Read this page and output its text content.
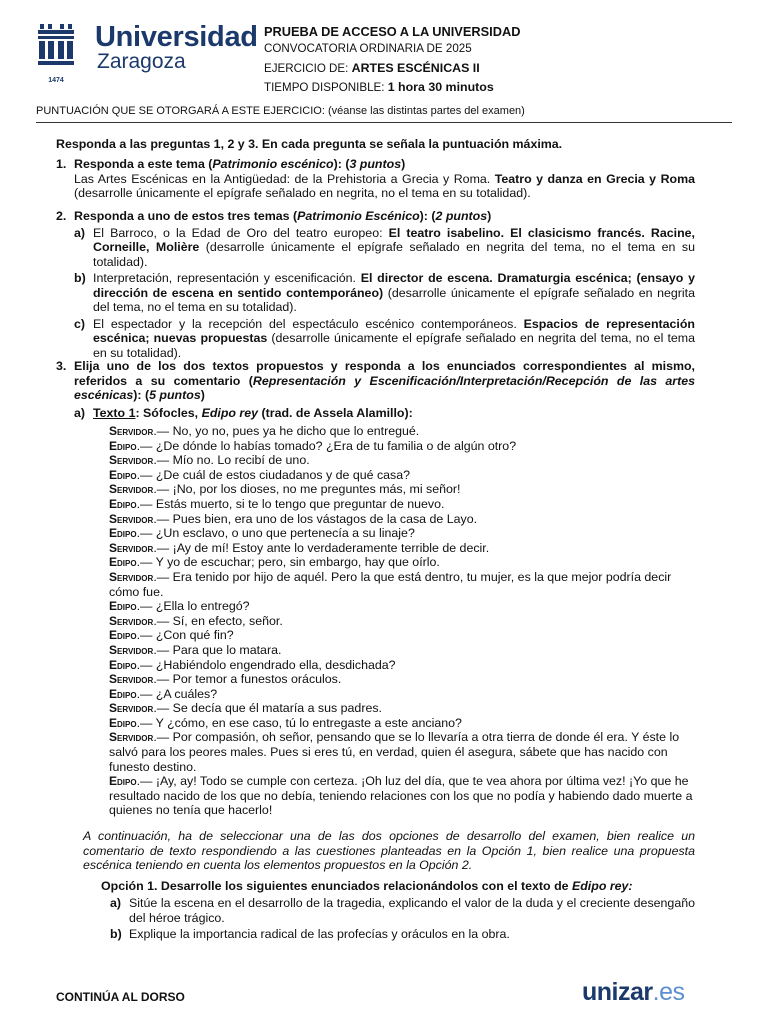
1474
Universidad
Zaragoza
PRUEBA DE ACCESO A LA UNIVERSIDAD
CONVOCATORIA ORDINARIA DE 2025
EJERCICIO DE: ARTES ESCÉNICAS II
TIEMPO DISPONIBLE: 1 hora 30 minutos
PUNTUACIÓN QUE SE OTORGARÁ A ESTE EJERCICIO: (véanse las distintas partes del examen)
Responda a las preguntas 1, 2 y 3. En cada pregunta se señala la puntuación máxima.
1. Responda a este tema (Patrimonio escénico): (3 puntos)
Las Artes Escénicas en la Antigüedad: de la Prehistoria a Grecia y Roma. Teatro y danza en Grecia y Roma (desarrolle únicamente el epígrafe señalado en negrita, no el tema en su totalidad).
2. Responda a uno de estos tres temas (Patrimonio Escénico): (2 puntos)
a) El Barroco, o la Edad de Oro del teatro europeo: El teatro isabelino. El clasicismo francés. Racine, Corneille, Molière (desarrolle únicamente el epígrafe señalado en negrita del tema, no el tema en su totalidad).
b) Interpretación, representación y escenificación. El director de escena. Dramaturgia escénica; (ensayo y dirección de escena en sentido contemporáneo) (desarrolle únicamente el epígrafe señalado en negrita del tema, no el tema en su totalidad).
c) El espectador y la recepción del espectáculo escénico contemporáneos. Espacios de representación escénica; nuevas propuestas (desarrolle únicamente el epígrafe señalado en negrita del tema, no el tema en su totalidad).
3. Elija uno de los dos textos propuestos y responda a los enunciados correspondientes al mismo, referidos a su comentario (Representación y Escenificación/Interpretación/Recepción de las artes escénicas): (5 puntos)
a) Texto 1: Sófocles, Edipo rey (trad. de Assela Alamillo):
Servidor.— No, yo no, pues ya he dicho que lo entregué.
Edipo.— ¿De dónde lo habías tomado? ¿Era de tu familia o de algún otro?
Servidor.— Mío no. Lo recibí de uno.
Edipo.— ¿De cuál de estos ciudadanos y de qué casa?
Servidor.— ¡No, por los dioses, no me preguntes más, mi señor!
Edipo.— Estás muerto, si te lo tengo que preguntar de nuevo.
Servidor.— Pues bien, era uno de los vástagos de la casa de Layo.
Edipo.— ¿Un esclavo, o uno que pertenecía a su linaje?
Servidor.— ¡Ay de mí! Estoy ante lo verdaderamente terrible de decir.
Edipo.— Y yo de escuchar; pero, sin embargo, hay que oírlo.
Servidor.— Era tenido por hijo de aquél. Pero la que está dentro, tu mujer, es la que mejor podría decir cómo fue.
Edipo.— ¿Ella lo entregó?
Servidor.— Sí, en efecto, señor.
Edipo.— ¿Con qué fin?
Servidor.— Para que lo matara.
Edipo.— ¿Habiéndolo engendrado ella, desdichada?
Servidor.— Por temor a funestos oráculos.
Edipo.— ¿A cuáles?
Servidor.— Se decía que él mataría a sus padres.
Edipo.— Y ¿cómo, en ese caso, tú lo entregaste a este anciano?
Servidor.— Por compasión, oh señor, pensando que se lo llevaría a otra tierra de donde él era. Y éste lo salvó para los peores males. Pues si eres tú, en verdad, quien él asegura, sábete que has nacido con funesto destino.
Edipo.— ¡Ay, ay! Todo se cumple con certeza. ¡Oh luz del día, que te vea ahora por última vez! ¡Yo que he resultado nacido de los que no debía, teniendo relaciones con los que no podía y habiendo dado muerte a quienes no tenía que hacerlo!
A continuación, ha de seleccionar una de las dos opciones de desarrollo del examen, bien realice un comentario de texto respondiendo a las cuestiones planteadas en la Opción 1, bien realice una propuesta escénica teniendo en cuenta los elementos propuestos en la Opción 2.
Opción 1. Desarrolle los siguientes enunciados relacionándolos con el texto de Edipo rey:
a) Sitúe la escena en el desarrollo de la tragedia, explicando el valor de la duda y el creciente desengaño del héroe trágico.
b) Explique la importancia radical de las profecías y oráculos en la obra.
CONTINÚA AL DORSO	unizar.es
